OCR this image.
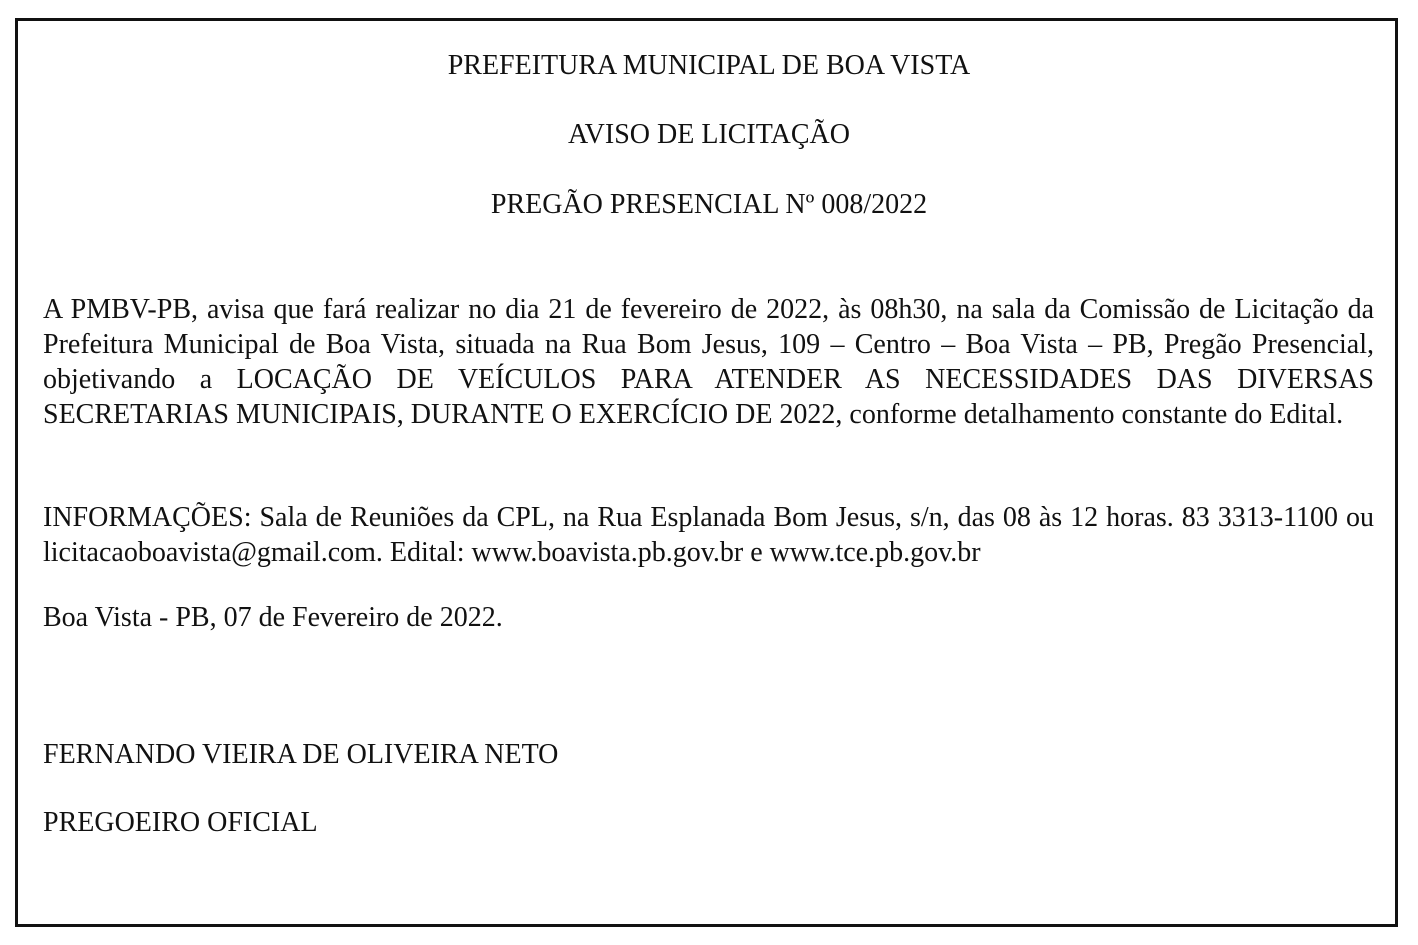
PREFEITURA MUNICIPAL DE BOA VISTA
AVISO DE LICITAÇÃO
PREGÃO PRESENCIAL Nº 008/2022

A PMBV-PB, avisa que fará realizar no dia 21 de fevereiro de 2022, às 08h30, na sala da Comissão de Licitação da Prefeitura Municipal de Boa Vista, situada na Rua Bom Jesus, 109 – Centro – Boa Vista – PB, Pregão Presencial, objetivando a LOCAÇÃO DE VEÍCULOS PARA ATENDER AS NECESSIDADES DAS DIVERSAS SECRETARIAS MUNICIPAIS, DURANTE O EXERCÍCIO DE 2022, conforme detalhamento constante do Edital.

INFORMAÇÕES: Sala de Reuniões da CPL, na Rua Esplanada Bom Jesus, s/n, das 08 às 12 horas. 83 3313-1100 ou licitacaoboavista@gmail.com. Edital: www.boavista.pb.gov.br e www.tce.pb.gov.br

Boa Vista - PB, 07 de Fevereiro de 2022.
FERNANDO VIEIRA DE OLIVEIRA NETO
PREGOEIRO OFICIAL
